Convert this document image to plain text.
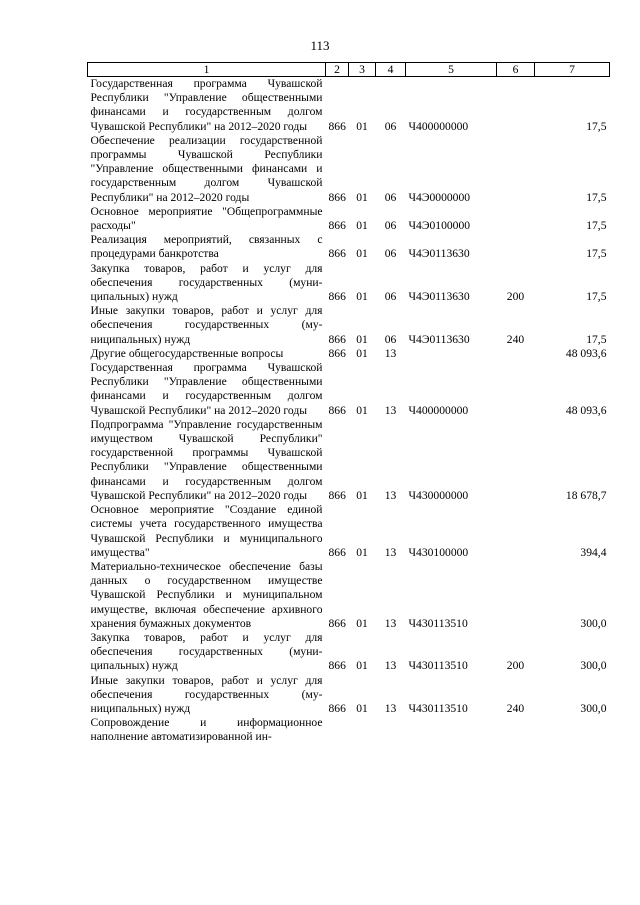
113
1	2	3	4	5	6	7
Государственная программа Чувашской Республики "Управление общественными финансами и государственным долгом Чувашской Республики" на 2012–2020 годы	866	01	06	Ч400000000		17,5
Обеспечение реализации государственной программы Чувашской Республики "Управление общественными финансами и государственным долгом Чувашской Республики" на 2012–2020 годы	866	01	06	Ч4Э0000000		17,5
Основное мероприятие "Общепрограммные расходы"	866	01	06	Ч4Э0100000		17,5
Реализация мероприятий, связанных с процедурами банкротства	866	01	06	Ч4Э0113630		17,5
Закупка товаров, работ и услуг для обеспечения государственных (муниципальных) нужд	866	01	06	Ч4Э0113630	200	17,5
Иные закупки товаров, работ и услуг для обеспечения государственных (муниципальных) нужд	866	01	06	Ч4Э0113630	240	17,5
Другие общегосударственные вопросы	866	01	13			48 093,6
Государственная программа Чувашской Республики "Управление общественными финансами и государственным долгом Чувашской Республики" на 2012–2020 годы	866	01	13	Ч400000000		48 093,6
Подпрограмма "Управление государственным имуществом Чувашской Республики" государственной программы Чувашской Республики "Управление общественными финансами и государственным долгом Чувашской Республики" на 2012–2020 годы	866	01	13	Ч430000000		18 678,7
Основное мероприятие "Создание единой системы учета государственного имущества Чувашской Республики и муниципального имущества"	866	01	13	Ч430100000		394,4
Материально-техническое обеспечение базы данных о государственном имуществе Чувашской Республики и муниципальном имуществе, включая обеспечение архивного хранения бумажных документов	866	01	13	Ч430113510		300,0
Закупка товаров, работ и услуг для обеспечения государственных (муниципальных) нужд	866	01	13	Ч430113510	200	300,0
Иные закупки товаров, работ и услуг для обеспечения государственных (муниципальных) нужд	866	01	13	Ч430113510	240	300,0
Сопровождение и информационное наполнение автоматизированной ин-						
